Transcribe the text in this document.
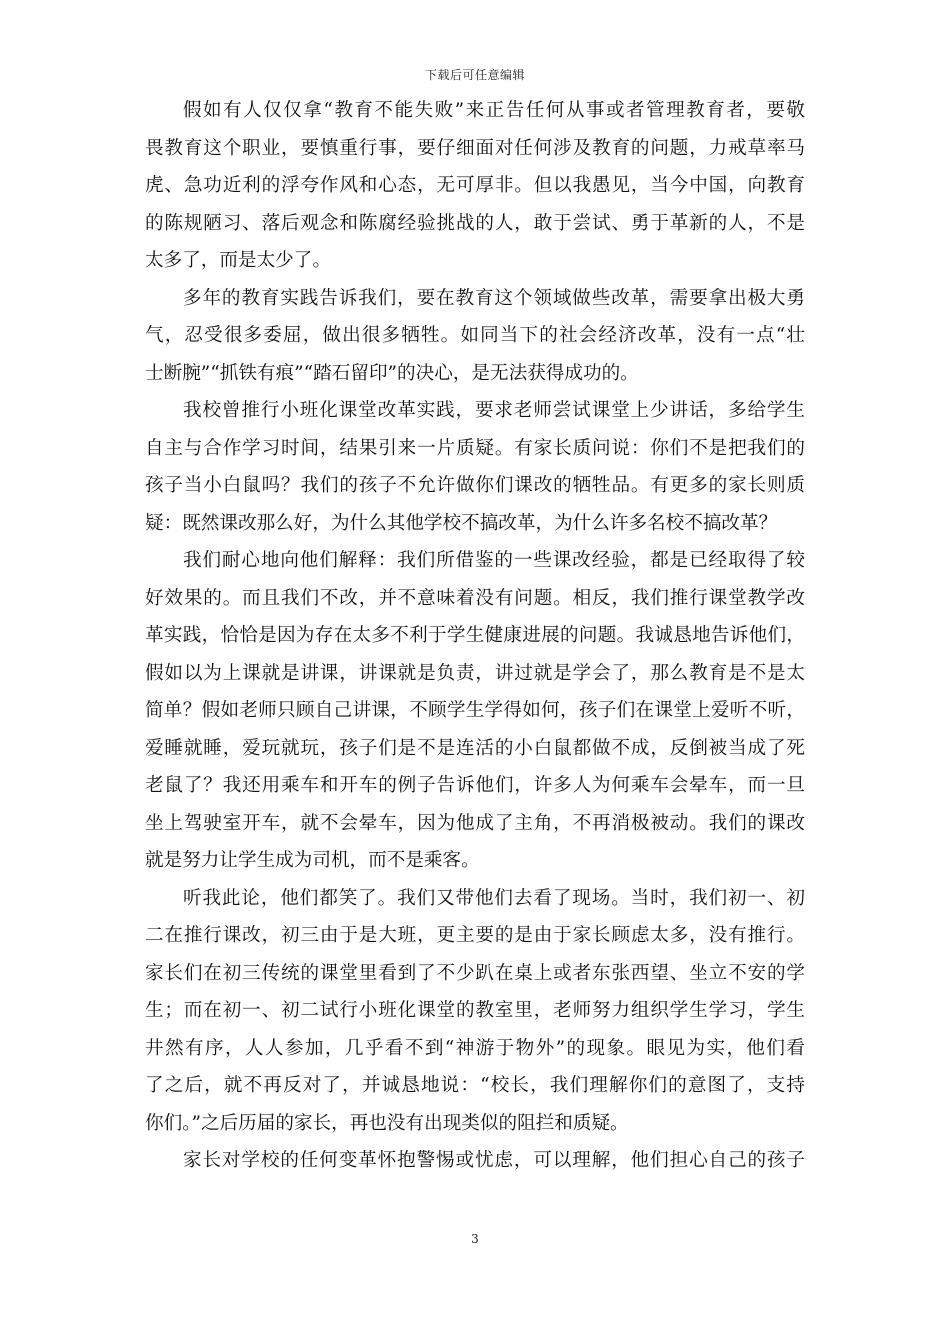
下载后可任意编辑
假如有人仅仅拿“教育不能失败”来正告任何从事或者管理教育者，要敬
畏教育这个职业，要慎重行事，要仔细面对任何涉及教育的问题，力戒草率马
虎、急功近利的浮夸作风和心态，无可厚非。但以我愚见，当今中国，向教育
的陈规陋习、落后观念和陈腐经验挑战的人，敢于尝试、勇于革新的人，不是
太多了，而是太少了。
多年的教育实践告诉我们，要在教育这个领域做些改革，需要拿出极大勇
气，忍受很多委屈，做出很多牺牲。如同当下的社会经济改革，没有一点“壮
士断腕”“抓铁有痕”“踏石留印”的决心，是无法获得成功的。
我校曾推行小班化课堂改革实践，要求老师尝试课堂上少讲话，多给学生
自主与合作学习时间，结果引来一片质疑。有家长质问说：你们不是把我们的
孩子当小白鼠吗？我们的孩子不允许做你们课改的牺牲品。有更多的家长则质
疑：既然课改那么好，为什么其他学校不搞改革，为什么许多名校不搞改革？
我们耐心地向他们解释：我们所借鉴的一些课改经验，都是已经取得了较
好效果的。而且我们不改，并不意味着没有问题。相反，我们推行课堂教学改
革实践，恰恰是因为存在太多不利于学生健康进展的问题。我诚恳地告诉他们，
假如以为上课就是讲课，讲课就是负责，讲过就是学会了，那么教育是不是太
简单？假如老师只顾自己讲课，不顾学生学得如何，孩子们在课堂上爱听不听，
爱睡就睡，爱玩就玩，孩子们是不是连活的小白鼠都做不成，反倒被当成了死
老鼠了？我还用乘车和开车的例子告诉他们，许多人为何乘车会晕车，而一旦
坐上驾驶室开车，就不会晕车，因为他成了主角，不再消极被动。我们的课改
就是努力让学生成为司机，而不是乘客。
听我此论，他们都笑了。我们又带他们去看了现场。当时，我们初一、初
二在推行课改，初三由于是大班，更主要的是由于家长顾虑太多，没有推行。
家长们在初三传统的课堂里看到了不少趴在桌上或者东张西望、坐立不安的学
生；而在初一、初二试行小班化课堂的教室里，老师努力组织学生学习，学生
井然有序，人人参加，几乎看不到“神游于物外”的现象。眼见为实，他们看
了之后，就不再反对了，并诚恳地说：“校长，我们理解你们的意图了，支持
你们。”之后历届的家长，再也没有出现类似的阻拦和质疑。
家长对学校的任何变革怀抱警惕或忧虑，可以理解，他们担心自己的孩子
3
